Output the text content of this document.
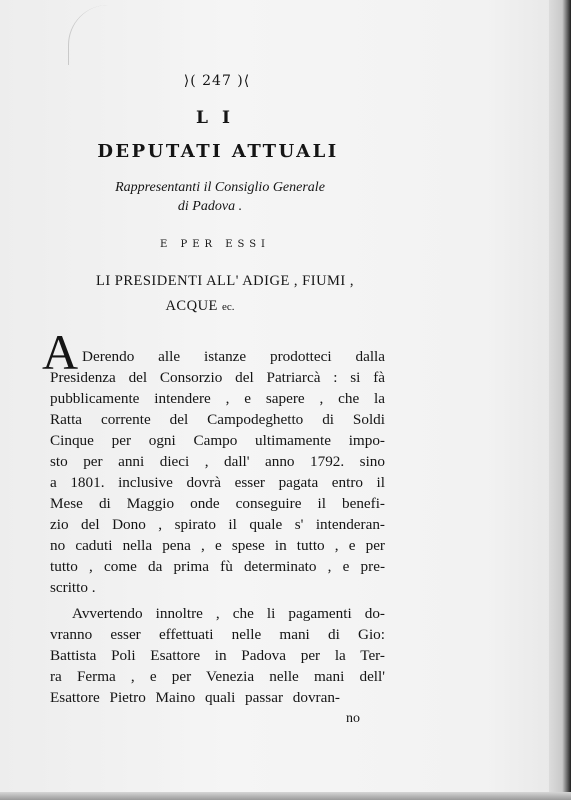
⟩( 247 )⟨
LI
DEPUTATI ATTUALI
Rappresentanti il Consiglio Generale
di Padova .
E PER ESSI
LI PRESIDENTI ALL' ADIGE , FIUMI ,
ACQUE ec.
A Derendo alle istanze prodotteci dalla
Presidenza del Consorzio del Patriarcà : si fà
pubblicamente intendere , e sapere , che la
Ratta corrente del Campodeghetto di Soldi
Cinque per ogni Campo ultimamente impo-
sto per anni dieci , dall' anno 1792. sino
a 1801. inclusive dovrà esser pagata entro il
Mese di Maggio onde conseguire il benefi-
zio del Dono , spirato il quale s' intenderan-
no caduti nella pena , e spese in tutto , e per
tutto , come da prima fù determinato , e pre-
scritto .
Avvertendo innoltre , che li pagamenti do-
vranno esser effettuati nelle mani di Gio:
Battista Poli Esattore in Padova per la Ter-
ra Ferma , e per Venezia nelle mani dell'
Esattore Pietro Maino quali passar dovran-
no
